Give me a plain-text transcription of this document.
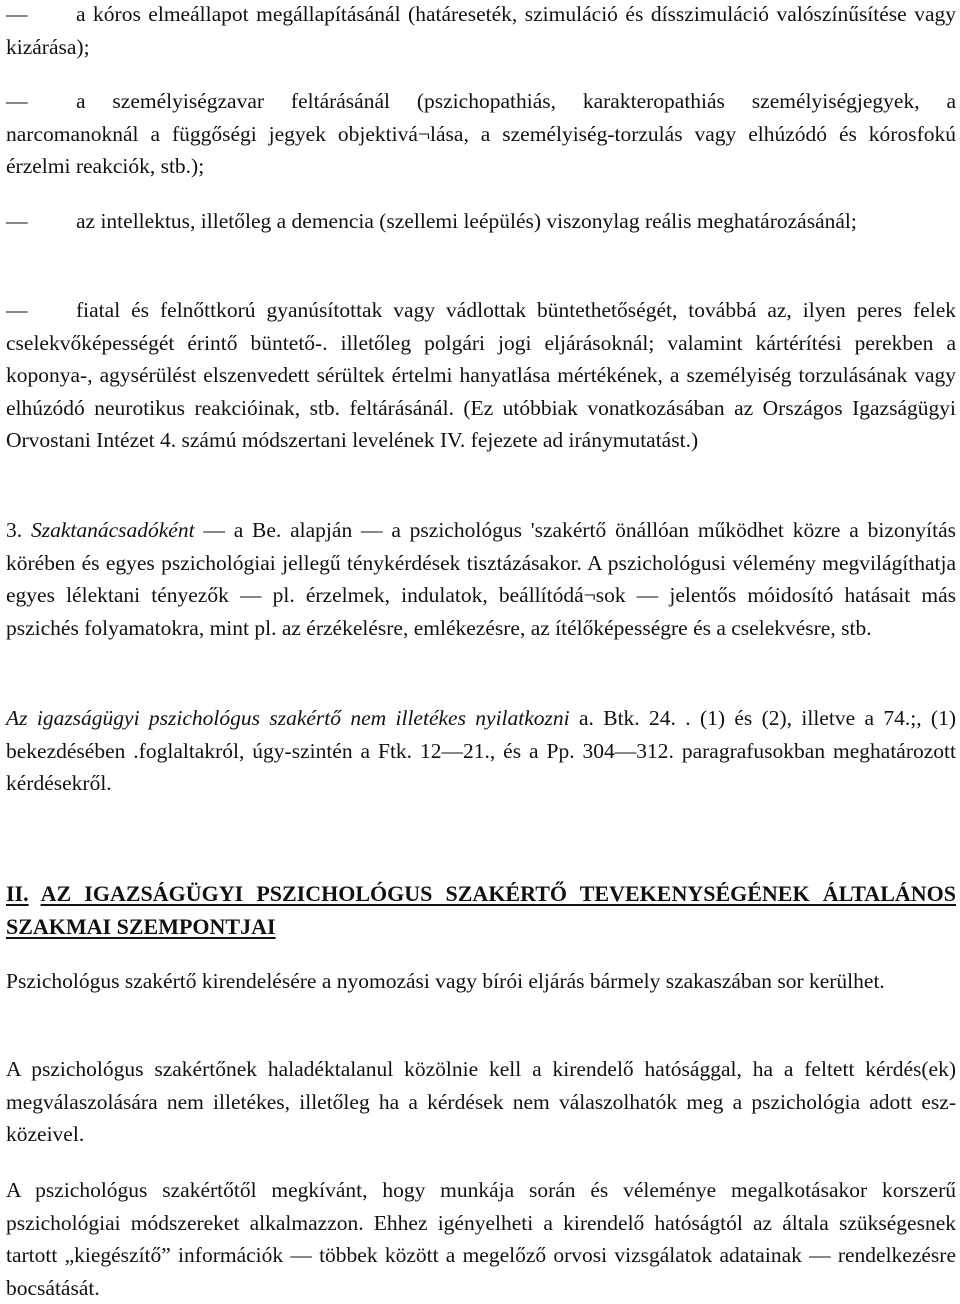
— a kóros elmeállapot megállapításánál (határeseték, szimuláció és dísszimuláció valószínűsítése vagy kizárása);

— a személyiségzavar feltárásánál (pszichopathiás, karakteropathiás személyiségjegyek, a narcomanoknál a függőségi jegyek objektivá¬lása, a személyiség-torzulás vagy elhúzódó és kórosfokú érzelmi reakciók, stb.);

— az intellektus, illetőleg a demencia (szellemi leépülés) viszonylag reális meghatározásánál;

— fiatal és felnőttkorú gyanúsítottak vagy vádlottak büntethetőségét, továbbá az, ilyen peres felek cselekvőképességét érintő büntető-. illetőleg polgári jogi eljárásoknál; valamint kártérítési perekben a koponya-, agysérülést elszenvedett sérültek értelmi hanyatlása mértékének, a személyiség torzulásának vagy elhúzódó neurotikus reakcióinak, stb. feltárásánál. (Ez utóbbiak vonatkozásában az Országos Igazságügyi Orvostani Intézet 4. számú módszertani levelének IV. fejezete ad iránymutatást.)

3. Szaktanácsadóként — a Be. alapján — a pszichológus 'szakértő önállóan működhet közre a bizonyítás körében és egyes pszichológiai jellegű ténykérdések tisztázásakor. A pszichológusi vélemény megvilágíthatja egyes lélektani tényezők — pl. érzelmek, indulatok, beállítódá¬sok — jelentős móidosító hatásait más pszichés folyamatokra, mint pl. az érzékelésre, emlékezésre, az ítélőképességre és a cselekvésre, stb.

Az igazságügyi pszichológus szakértő nem illetékes nyilatkozni a. Btk. 24. . (1) és (2), illetve a 74.;, (1) bekezdésében .foglaltakról, úgy-szintén a Ftk. 12—21., és a Pp. 304—312. paragrafusokban meghatározott kérdésekről.

II. AZ IGAZSÁGÜGYI PSZICHOLÓGUS SZAKÉRTŐ TEVEKENYSÉGÉNEK ÁLTALÁNOS SZAKMAI SZEMPONTJAI

Pszichológus szakértő kirendelésére a nyomozási vagy bírói eljárás bármely szakaszában sor kerülhet.

A pszichológus szakértőnek haladéktalanul közölnie kell a kirendelő hatósággal, ha a feltett kérdés(ek) megválaszolására nem illetékes, illetőleg ha a kérdések nem válaszolhatók meg a pszichológia adott esz-közeivel.

A pszichológus szakértőtől megkívánt, hogy munkája során és véleménye megalkotásakor korszerű pszichológiai módszereket alkalmazzon. Ehhez igényelheti a kirendelő hatóságtól az általa szükségesnek tartott „kiegészítő” információk — többek között a megelőző orvosi vizsgálatok adatainak — rendelkezésre bocsátását.
